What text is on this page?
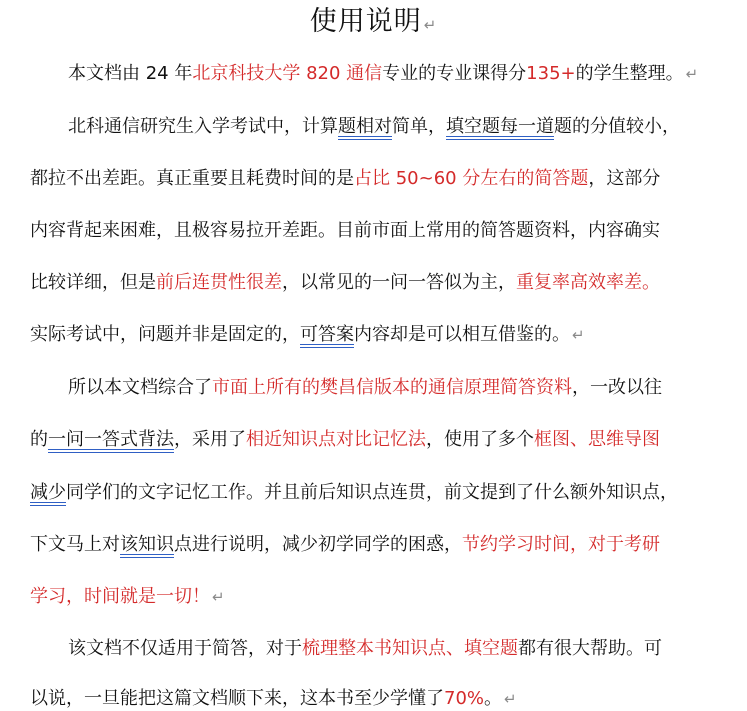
使用说明 ↵
本文档由 24 年北京科技大学 820 通信专业的专业课得分135+的学生整理。 ↵
北科通信研究生入学考试中，计算题相对简单，填空题每一道题的分值较小，
都拉不出差距。真正重要且耗费时间的是占比 50~60 分左右的简答题，这部分
内容背起来困难，且极容易拉开差距。目前市面上常用的简答题资料，内容确实
比较详细，但是前后连贯性很差，以常见的一问一答似为主，重复率高效率差。
实际考试中，问题并非是固定的，可答案内容却是可以相互借鉴的。 ↵
所以本文档综合了市面上所有的樊昌信版本的通信原理简答资料，一改以往
的一问一答式背法，采用了相近知识点对比记忆法，使用了多个框图、思维导图
减少同学们的文字记忆工作。并且前后知识点连贯，前文提到了什么额外知识点，
下文马上对该知识点进行说明，减少初学同学的困惑，节约学习时间，对于考研
学习，时间就是一切！ ↵
该文档不仅适用于简答，对于梳理整本书知识点、填空题都有很大帮助。可
以说，一旦能把这篇文档顺下来，这本书至少学懂了70%。 ↵
